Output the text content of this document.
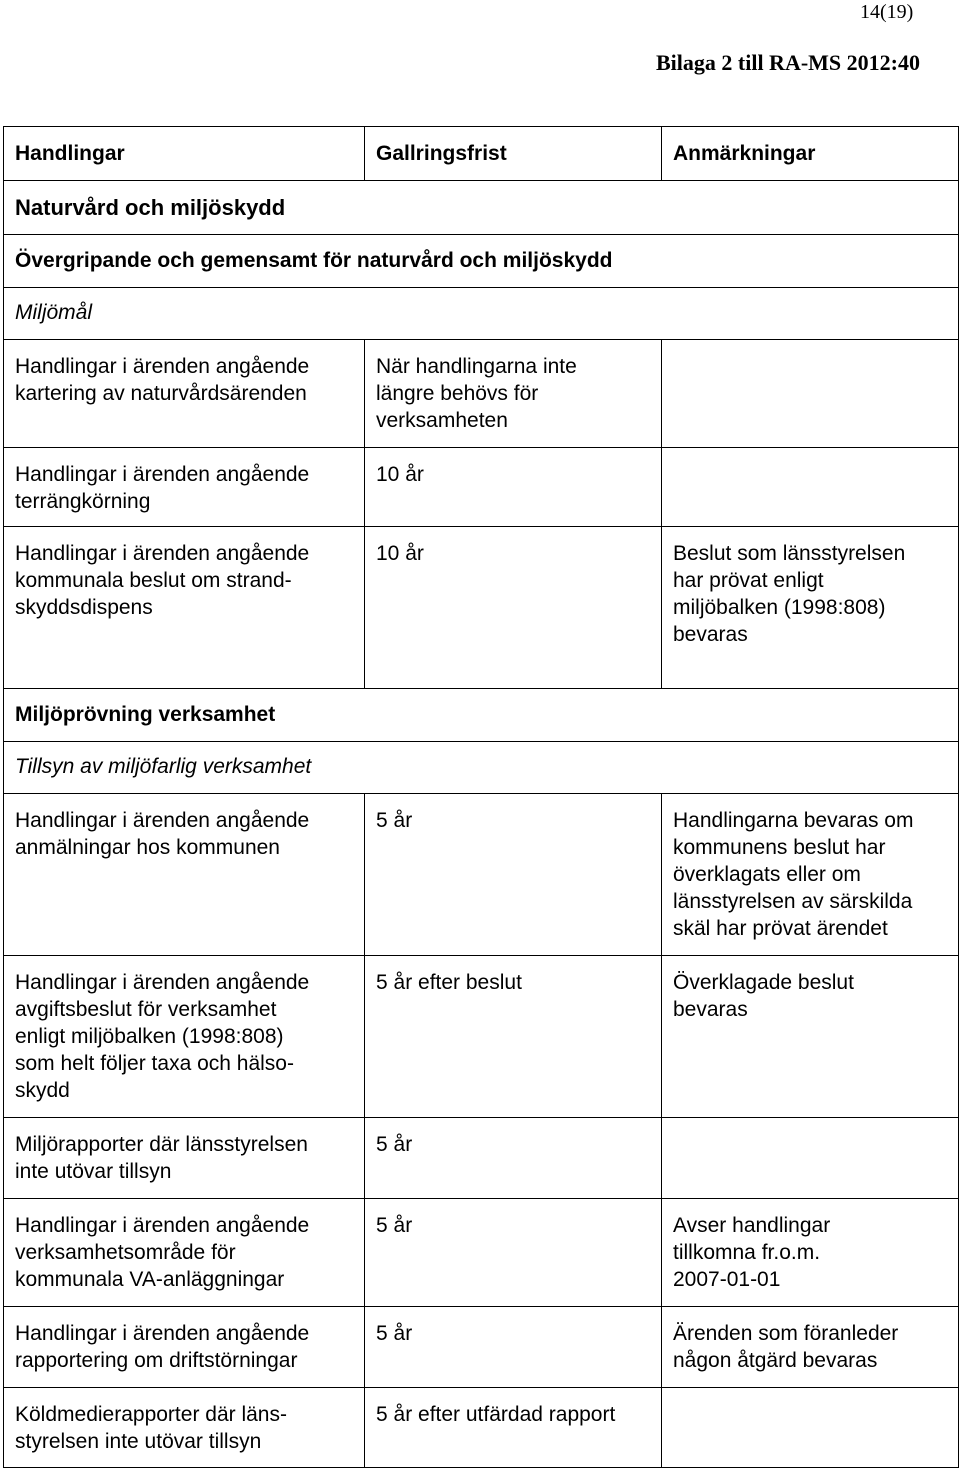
14(19)
Bilaga 2 till RA-MS 2012:40
Handlingar	Gallringsfrist	Anmärkningar
Naturvård och miljöskydd		
Övergripande och gemensamt för naturvård och miljöskydd		
Miljömål		

Handlingar i ärenden angående
kartering av naturvårdsärenden	När handlingarna inte
längre behövs för
verksamheten	

Handlingar i ärenden angående
terrängkörning	10 år	

Handlingar i ärenden angående
kommunala beslut om strand-
skyddsdispens	10 år	Beslut som länsstyrelsen
har prövat enligt
miljöbalken (1998:808)
bevaras

Miljöprövning verksamhet		
Tillsyn av miljöfarlig verksamhet		

Handlingar i ärenden angående
anmälningar hos kommunen	5 år	Handlingarna bevaras om
kommunens beslut har
överklagats eller om
länsstyrelsen av särskilda
skäl har prövat ärendet

Handlingar i ärenden angående
avgiftsbeslut för verksamhet
enligt miljöbalken (1998:808)
som helt följer taxa och hälso-
skydd	5 år efter beslut	Överklagade beslut
bevaras

Miljörapporter där länsstyrelsen
inte utövar tillsyn	5 år	

Handlingar i ärenden angående
verksamhetsområde för
kommunala VA-anläggningar	5 år	Avser handlingar
tillkomna fr.o.m.
2007-01-01

Handlingar i ärenden angående
rapportering om driftstörningar	5 år	Ärenden som föranleder
någon åtgärd bevaras

Köldmedierapporter där läns-
styrelsen inte utövar tillsyn	5 år efter utfärdad rapport	
